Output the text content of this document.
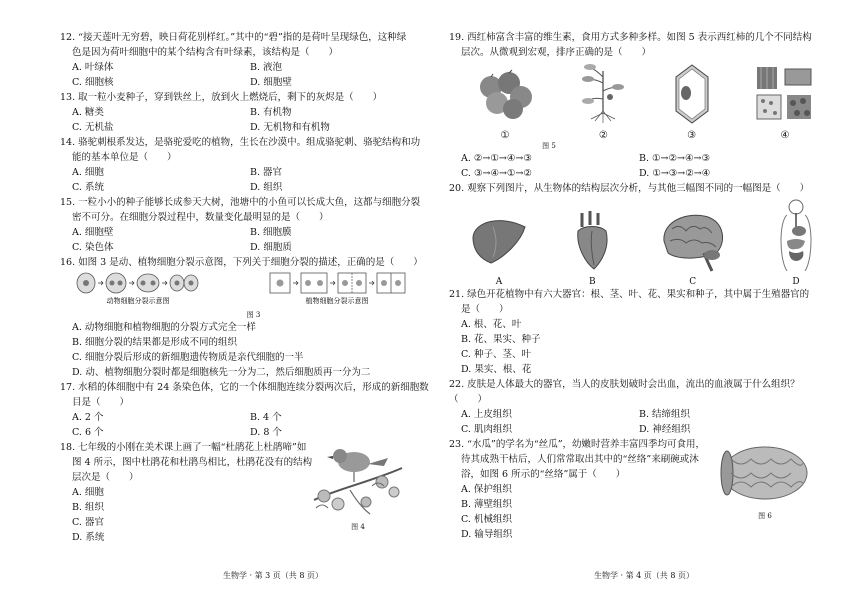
12. “接天莲叶无穷碧，映日荷花别样红。”其中的“碧”指的是荷叶呈现绿色，这种绿

色是因为荷叶细胞中的某个结构含有叶绿素，该结构是（　　）

A. 叶绿体	B. 液泡
C. 细胞核	D. 细胞壁

13. 取一粒小麦种子，穿到铁丝上，放到火上燃烧后，剩下的灰烬是（　　）

A. 糖类	B. 有机物
C. 无机盐	D. 无机物和有机物

14. 骆驼刺根系发达，是骆驼爱吃的植物，生长在沙漠中。组成骆驼刺、骆驼结构和功

能的基本单位是（　　）

A. 细胞	B. 器官
C. 系统	D. 组织

15. 一粒小小的种子能够长成参天大树，池塘中的小鱼可以长成大鱼，这都与细胞分裂

密不可分。在细胞分裂过程中，数量变化最明显的是（　　）

A. 细胞壁	B. 细胞膜
C. 染色体	D. 细胞质

16. 如图 3 是动、植物细胞分裂示意图，下列关于细胞分裂的描述，正确的是（　　）

动物细胞分裂示意图	植物细胞分裂示意图
图 3
A. 动物细胞和植物细胞的分裂方式完全一样
B. 细胞分裂的结果都是形成不同的组织
C. 细胞分裂后形成的新细胞遗传物质是亲代细胞的一半
D. 动、植物细胞分裂时都是细胞核先一分为二，然后细胞质再一分为二

17. 水稻的体细胞中有 24 条染色体，它的一个体细胞连续分裂两次后，形成的新细胞数

目是（　　）

A. 2 个	B. 4 个
C. 6 个	D. 8 个

18. 七年级的小刚在美术课上画了一幅“杜鹃花上杜鹃啼”如

图 4 所示，图中杜鹃花和杜鹃鸟相比，杜鹃花没有的结构

层次是（　　）

A. 细胞
B. 组织
C. 器官
D. 系统
图 4
生物学 · 第 3 页（共 8 页）

19. 西红柿富含丰富的维生素，食用方式多种多样。如图 5 表示西红柿的几个不同结构

层次。从微观到宏观，排序正确的是（　　）

①	②	③	④
图 5
A. ②→①→④→③	B. ①→②→④→③
C. ③→④→①→②	D. ①→③→②→④

20. 观察下列图片，从生物体的结构层次分析，与其他三幅图不同的一幅图是（　　）

A	B	C	D

21. 绿色开花植物中有六大器官：根、茎、叶、花、果实和种子，其中属于生殖器官的

是（　　）

A. 根、花、叶
B. 花、果实、种子
C. 种子、茎、叶
D. 果实、根、花

22. 皮肤是人体最大的器官，当人的皮肤划破时会出血，流出的血液属于什么组织？（　　）

A. 上皮组织	B. 结缔组织
C. 肌肉组织	D. 神经组织

23. “水瓜”的学名为“丝瓜”，幼嫩时营养丰富四季均可食用，

待其成熟干枯后，人们常常取出其中的“丝络”来刷碗或沐

浴，如图 6 所示的“丝络”属于（　　）

A. 保护组织
B. 薄壁组织
C. 机械组织
D. 输导组织
图 6
生物学 · 第 4 页（共 8 页）
